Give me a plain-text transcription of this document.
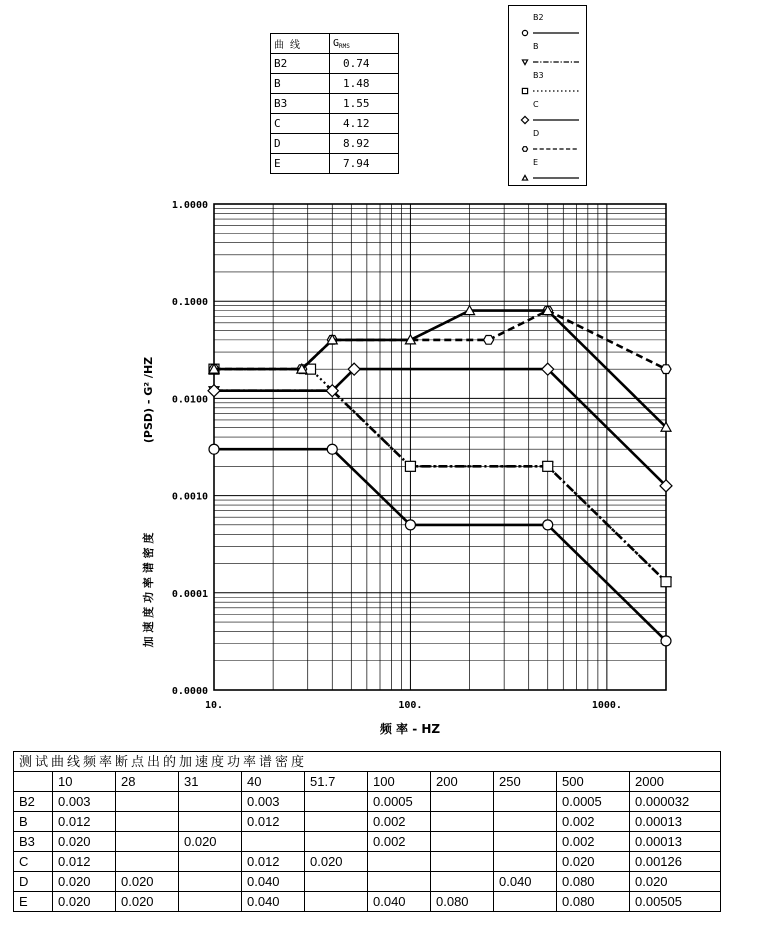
曲 线	$G_{RMS}$
B2	0.74
B	1.48
B3	1.55
C	4.12
D	8.92
E	7.94
B2
B
B3
C
D
E
1.0000
0.1000
0.0100
0.0010
0.0001
0.0000
10.	100.	1000.
频 率 - HZ
加 速 度 功 率 谱 密 度(PSD) - G² /HZ
测试曲线频率断点出的加速度功率谱密度										
	10	28	31	40	51.7	100	200	250	500	2000
B2	0.003			0.003		0.0005			0.0005	0.000032
B	0.012			0.012		0.002			0.002	0.00013
B3	0.020		0.020			0.002			0.002	0.00013
C	0.012			0.012	0.020				0.020	0.00126
D	0.020	0.020		0.040				0.040	0.080	0.020
E	0.020	0.020		0.040		0.040	0.080		0.080	0.00505
